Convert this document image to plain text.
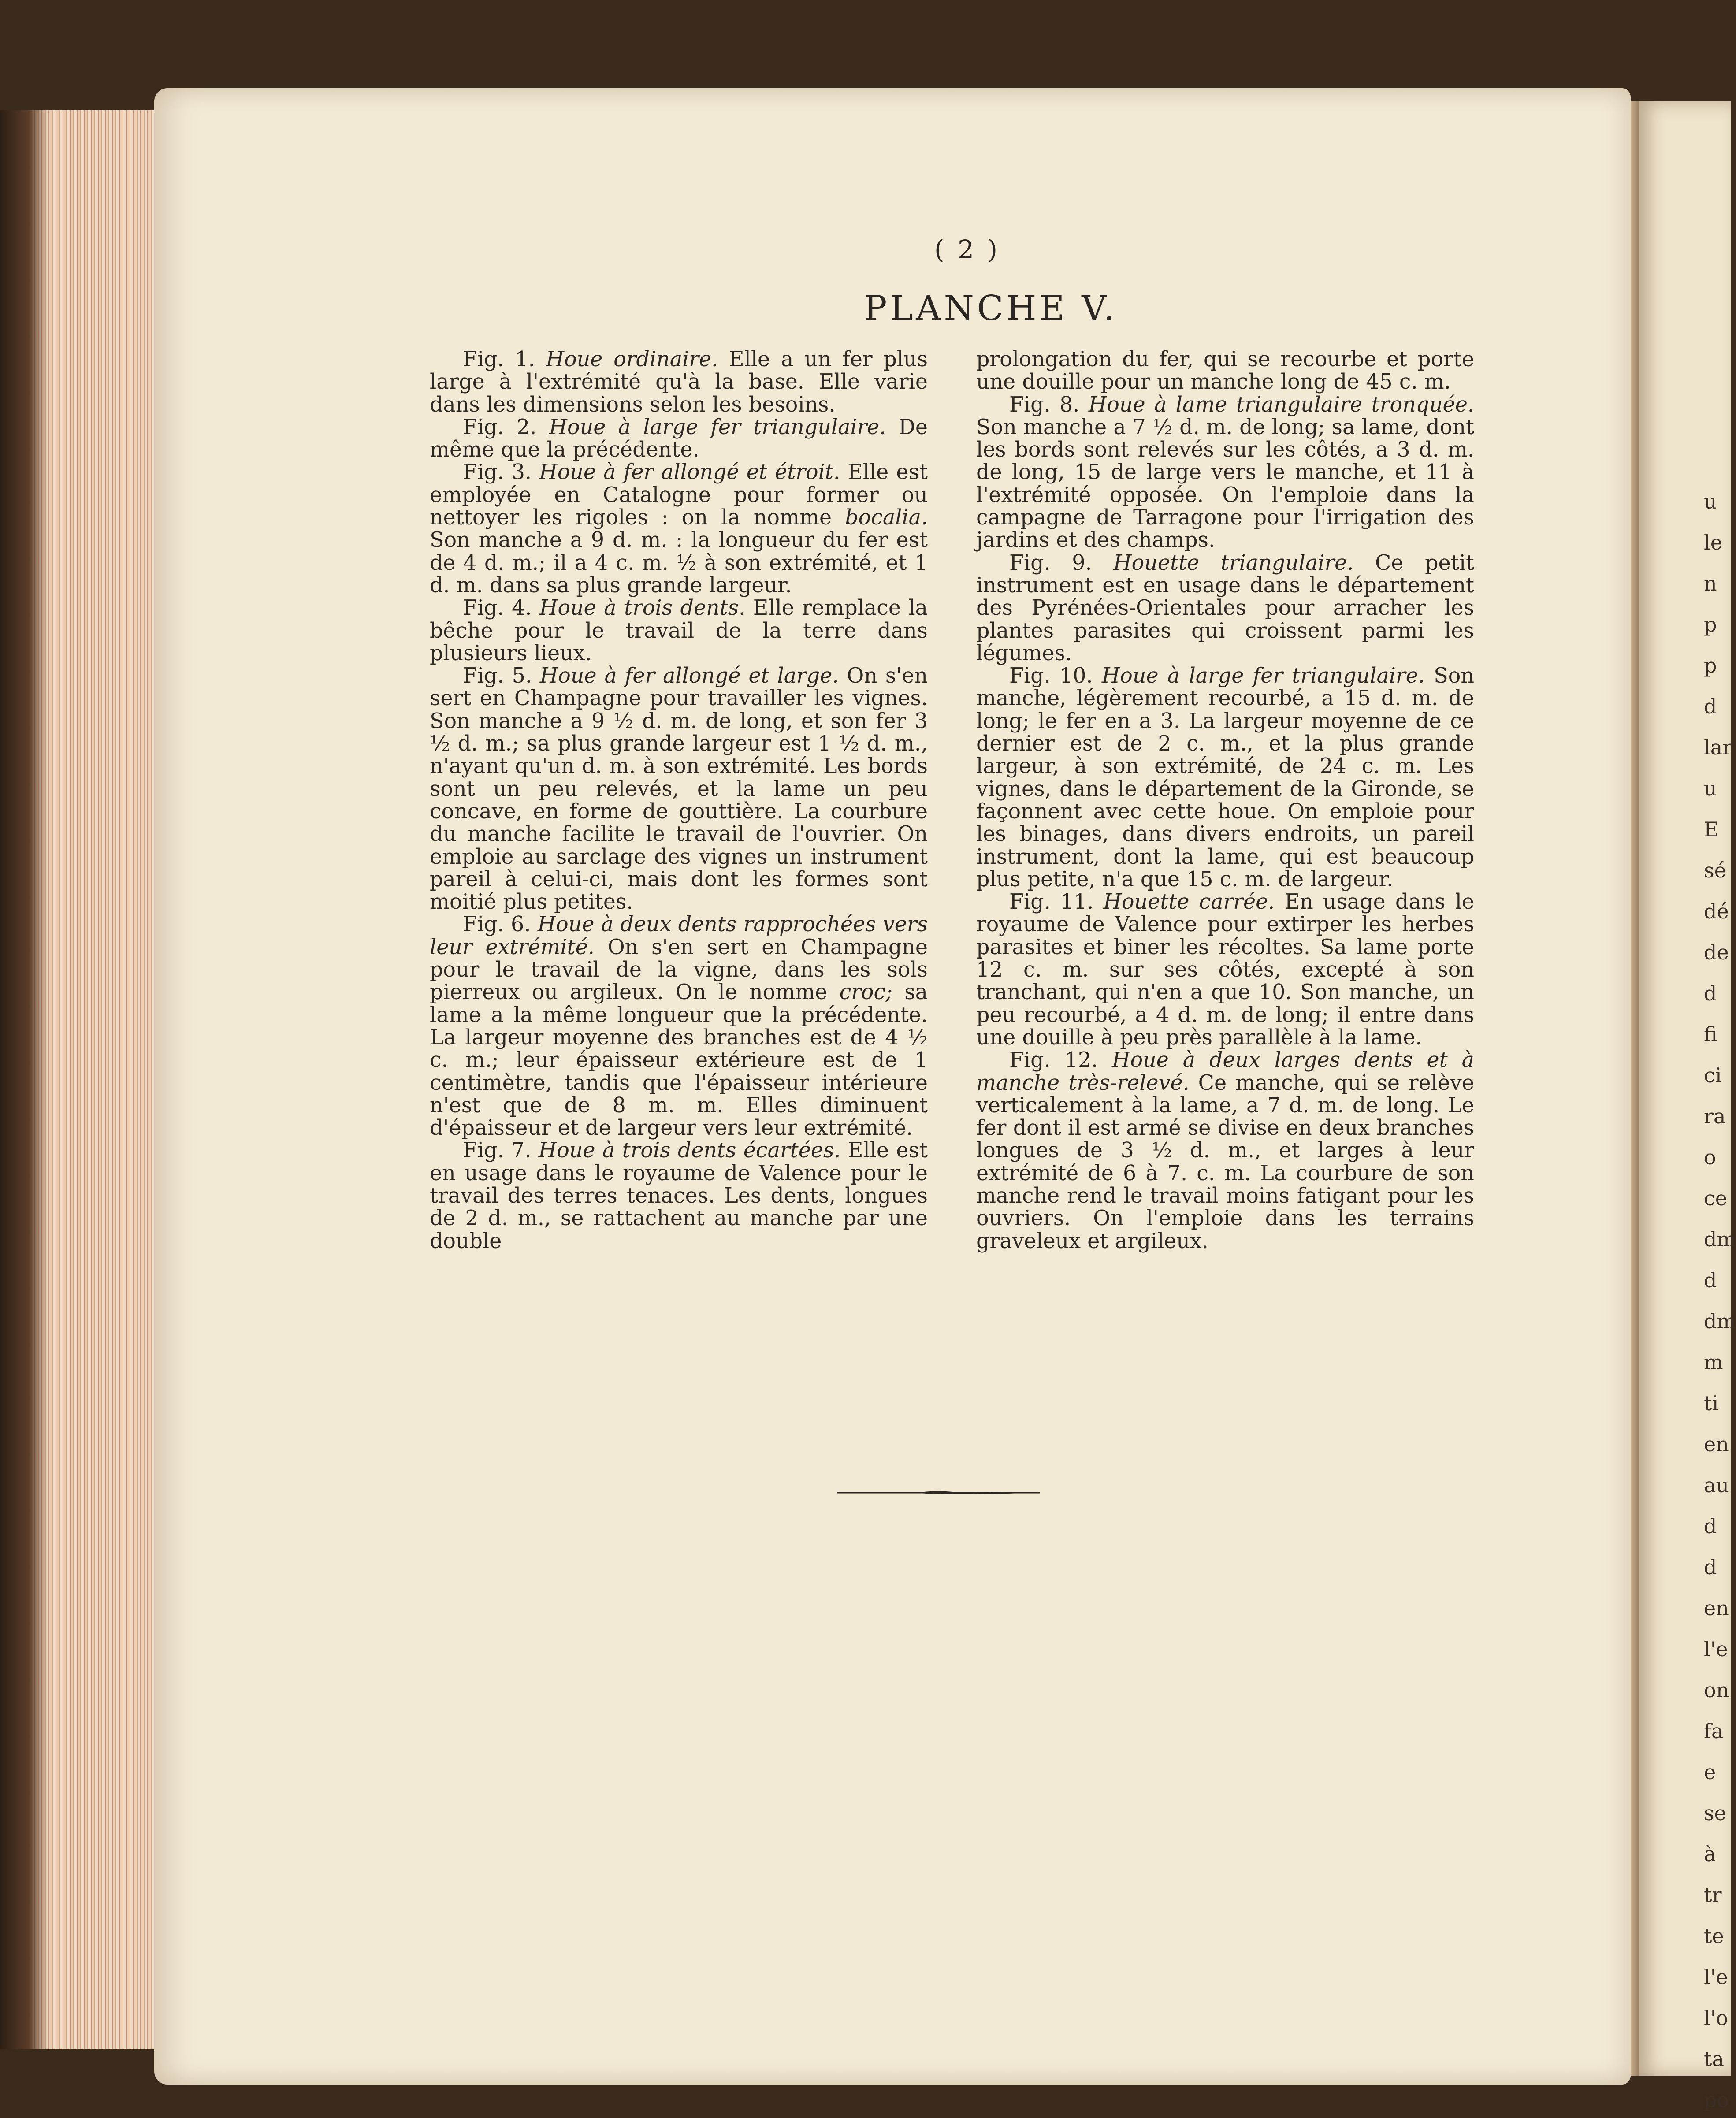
u
le
n
p
p
d
lar
u
E
sé
dé
de
d
fi
ci
ra
o
ce
dm
d
dm
m
ti
en
au
d
d
en
l'e
on
fa
e
se
à
tr
te
l'e
l'o
ta
po
( 2 )
PLANCHE V.

Fig. 1. Houe ordinaire. Elle a un fer plus large à l'extrémité qu'à la base. Elle varie dans les dimensions selon les besoins.

Fig. 2. Houe à large fer triangulaire. De même que la précédente.

Fig. 3. Houe à fer allongé et étroit. Elle est employée en Catalogne pour former ou nettoyer les rigoles : on la nomme bocalia. Son manche a 9 d. m. : la longueur du fer est de 4 d. m.; il a 4 c. m. ½ à son extrémité, et 1 d. m. dans sa plus grande largeur.

Fig. 4. Houe à trois dents. Elle remplace la bêche pour le travail de la terre dans plusieurs lieux.

Fig. 5. Houe à fer allongé et large. On s'en sert en Champagne pour travailler les vignes. Son manche a 9 ½ d. m. de long, et son fer 3 ½ d. m.; sa plus grande largeur est 1 ½ d. m., n'ayant qu'un d. m. à son extrémité. Les bords sont un peu relevés, et la lame un peu concave, en forme de gouttière. La courbure du manche facilite le travail de l'ouvrier. On emploie au sarclage des vignes un instrument pareil à celui-ci, mais dont les formes sont moitié plus petites.

Fig. 6. Houe à deux dents rapprochées vers leur extrémité. On s'en sert en Champagne pour le travail de la vigne, dans les sols pierreux ou argileux. On le nomme croc; sa lame a la même longueur que la précédente. La largeur moyenne des branches est de 4 ½ c. m.; leur épaisseur extérieure est de 1 centimètre, tandis que l'épaisseur intérieure n'est que de 8 m. m. Elles diminuent d'épaisseur et de largeur vers leur extrémité.

Fig. 7. Houe à trois dents écartées. Elle est en usage dans le royaume de Valence pour le travail des terres tenaces. Les dents, longues de 2 d. m., se rattachent au manche par une double

prolongation du fer, qui se recourbe et porte une douille pour un manche long de 45 c. m.

Fig. 8. Houe à lame triangulaire tronquée. Son manche a 7 ½ d. m. de long; sa lame, dont les bords sont relevés sur les côtés, a 3 d. m. de long, 15 de large vers le manche, et 11 à l'extrémité opposée. On l'emploie dans la campagne de Tarragone pour l'irrigation des jardins et des champs.

Fig. 9. Houette triangulaire. Ce petit instrument est en usage dans le département des Pyrénées-Orientales pour arracher les plantes parasites qui croissent parmi les légumes.

Fig. 10. Houe à large fer triangulaire. Son manche, légèrement recourbé, a 15 d. m. de long; le fer en a 3. La largeur moyenne de ce dernier est de 2 c. m., et la plus grande largeur, à son extrémité, de 24 c. m. Les vignes, dans le département de la Gironde, se façonnent avec cette houe. On emploie pour les binages, dans divers endroits, un pareil instrument, dont la lame, qui est beaucoup plus petite, n'a que 15 c. m. de largeur.

Fig. 11. Houette carrée. En usage dans le royaume de Valence pour extirper les herbes parasites et biner les récoltes. Sa lame porte 12 c. m. sur ses côtés, excepté à son tranchant, qui n'en a que 10. Son manche, un peu recourbé, a 4 d. m. de long; il entre dans une douille à peu près parallèle à la lame.

Fig. 12. Houe à deux larges dents et à manche très-relevé. Ce manche, qui se relève verticalement à la lame, a 7 d. m. de long. Le fer dont il est armé se divise en deux branches longues de 3 ½ d. m., et larges à leur extrémité de 6 à 7. c. m. La courbure de son manche rend le travail moins fatigant pour les ouvriers. On l'emploie dans les terrains graveleux et argileux.
